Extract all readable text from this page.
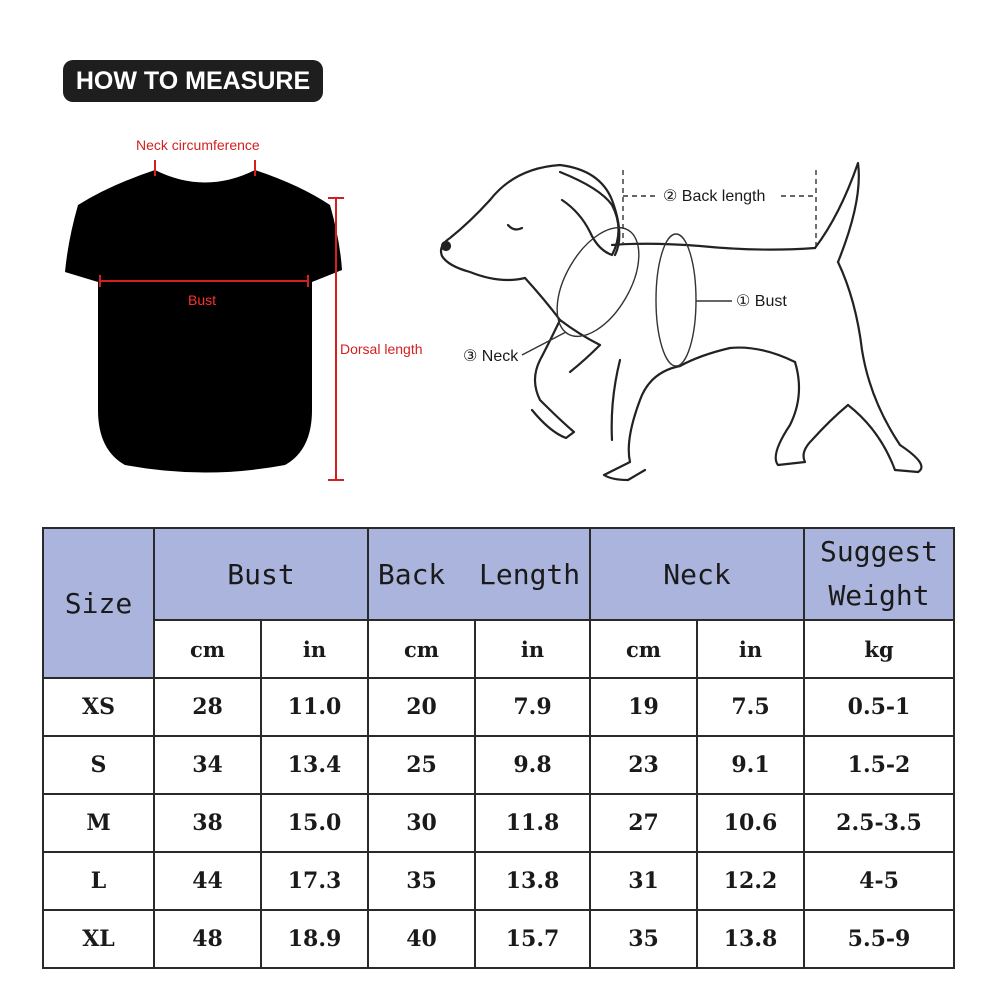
HOW TO MEASURE
Neck circumference
Bust
Dorsal length
② Back length
① Bust
③ Neck
Size	Bust		Back  Length		Neck		Suggest Weight
	cm	in	cm	in	cm	in	kg
XS	28	11.0	20	7.9	19	7.5	0.5-1
S	34	13.4	25	9.8	23	9.1	1.5-2
M	38	15.0	30	11.8	27	10.6	2.5-3.5
L	44	17.3	35	13.8	31	12.2	4-5
XL	48	18.9	40	15.7	35	13.8	5.5-9
